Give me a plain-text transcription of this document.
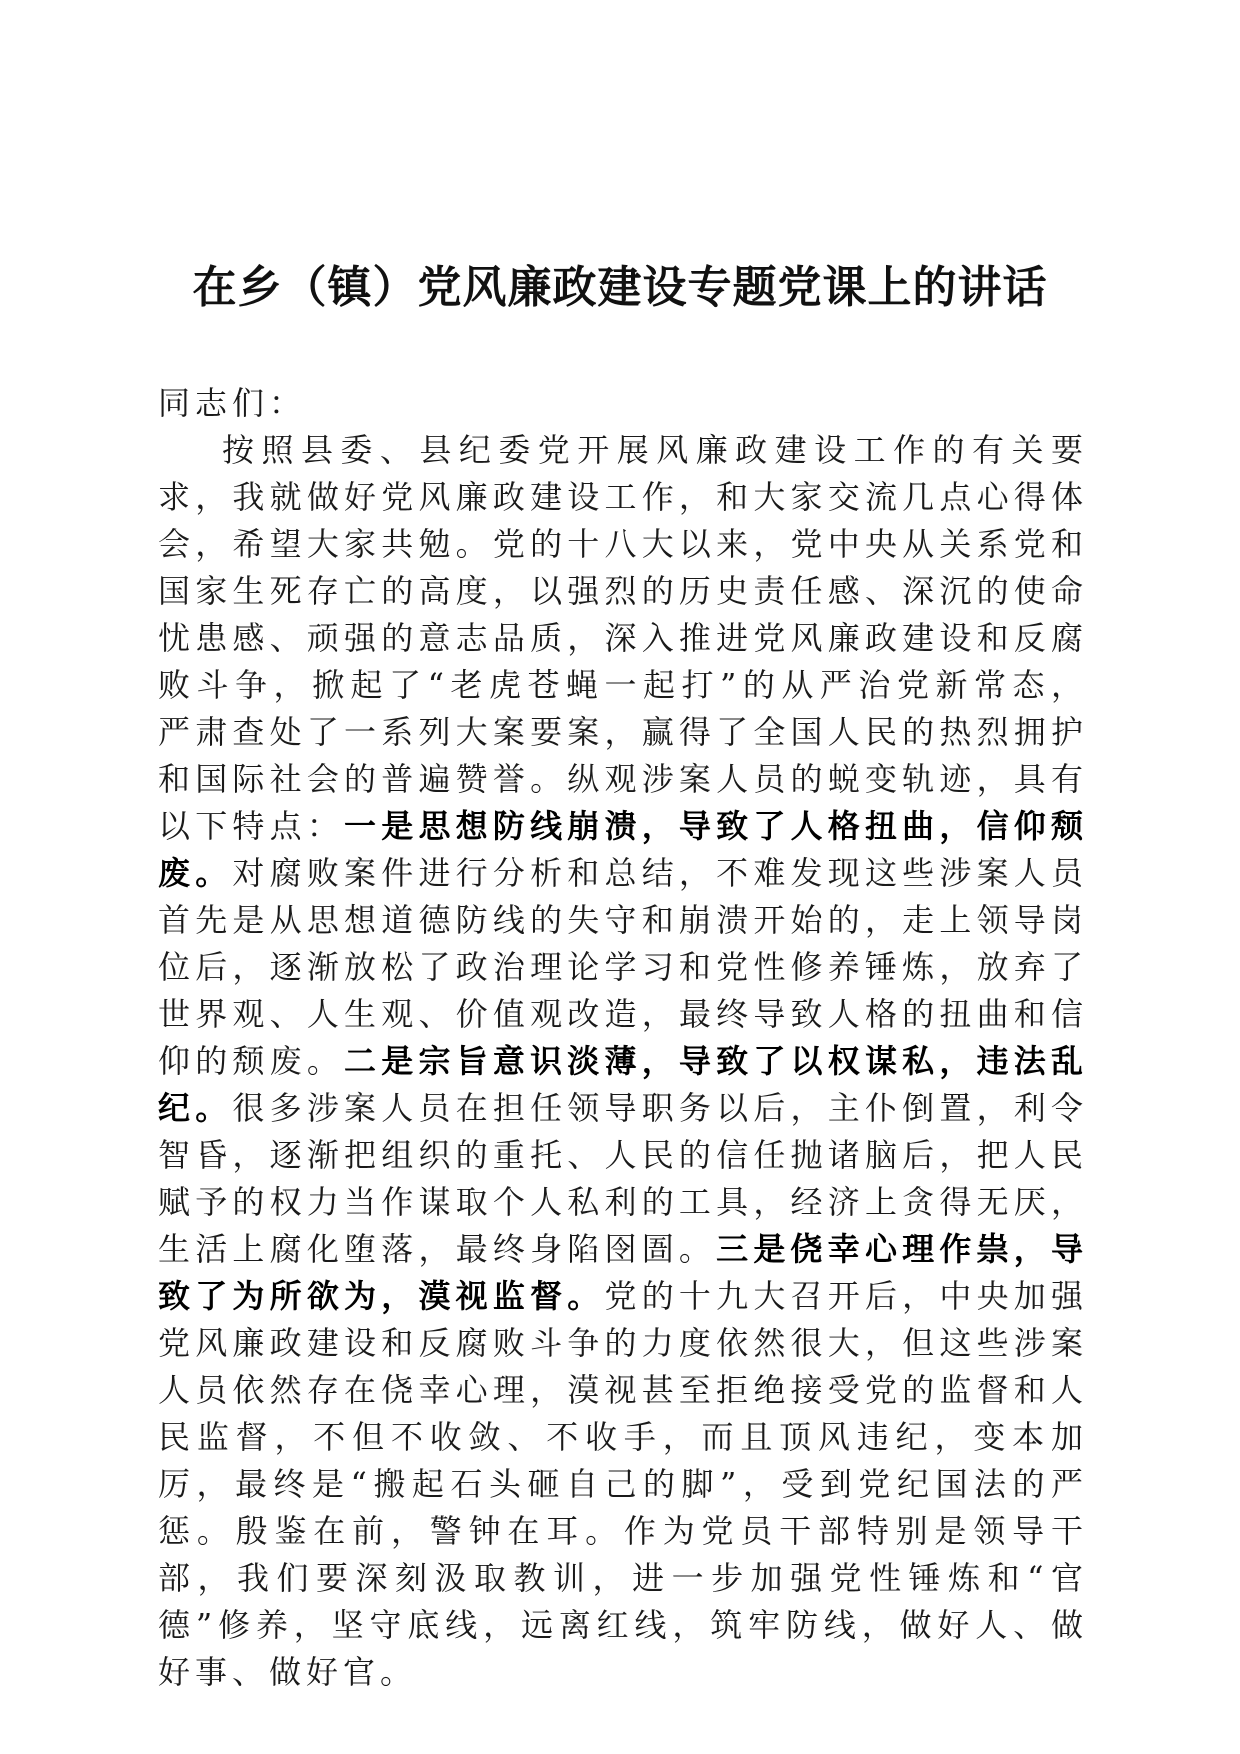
在乡（镇）党风廉政建设专题党课上的讲话

同志们：

按照县委、县纪委党开展风廉政建设工作的有关要求，我就做好党风廉政建设工作，和大家交流几点心得体会，希望大家共勉。党的十八大以来，党中央从关系党和国家生死存亡的高度，以强烈的历史责任感、深沉的使命忧患感、顽强的意志品质，深入推进党风廉政建设和反腐败斗争，掀起了“老虎苍蝇一起打”的从严治党新常态，严肃查处了一系列大案要案，赢得了全国人民的热烈拥护和国际社会的普遍赞誉。纵观涉案人员的蜕变轨迹，具有以下特点：一是思想防线崩溃，导致了人格扭曲，信仰颓废。对腐败案件进行分析和总结，不难发现这些涉案人员首先是从思想道德防线的失守和崩溃开始的，走上领导岗位后，逐渐放松了政治理论学习和党性修养锤炼，放弃了世界观、人生观、价值观改造，最终导致人格的扭曲和信仰的颓废。二是宗旨意识淡薄，导致了以权谋私，违法乱纪。很多涉案人员在担任领导职务以后，主仆倒置，利令智昏，逐渐把组织的重托、人民的信任抛诸脑后，把人民赋予的权力当作谋取个人私利的工具，经济上贪得无厌，生活上腐化堕落，最终身陷囹圄。三是侥幸心理作祟，导致了为所欲为，漠视监督。党的十九大召开后，中央加强党风廉政建设和反腐败斗争的力度依然很大，但这些涉案人员依然存在侥幸心理，漠视甚至拒绝接受党的监督和人民监督，不但不收敛、不收手，而且顶风违纪，变本加厉，最终是“搬起石头砸自己的脚”，受到党纪国法的严惩。殷鉴在前，警钟在耳。作为党员干部特别是领导干部，我们要深刻汲取教训，进一步加强党性锤炼和“官德”修养，坚守底线，远离红线，筑牢防线，做好人、做好事、做好官。
